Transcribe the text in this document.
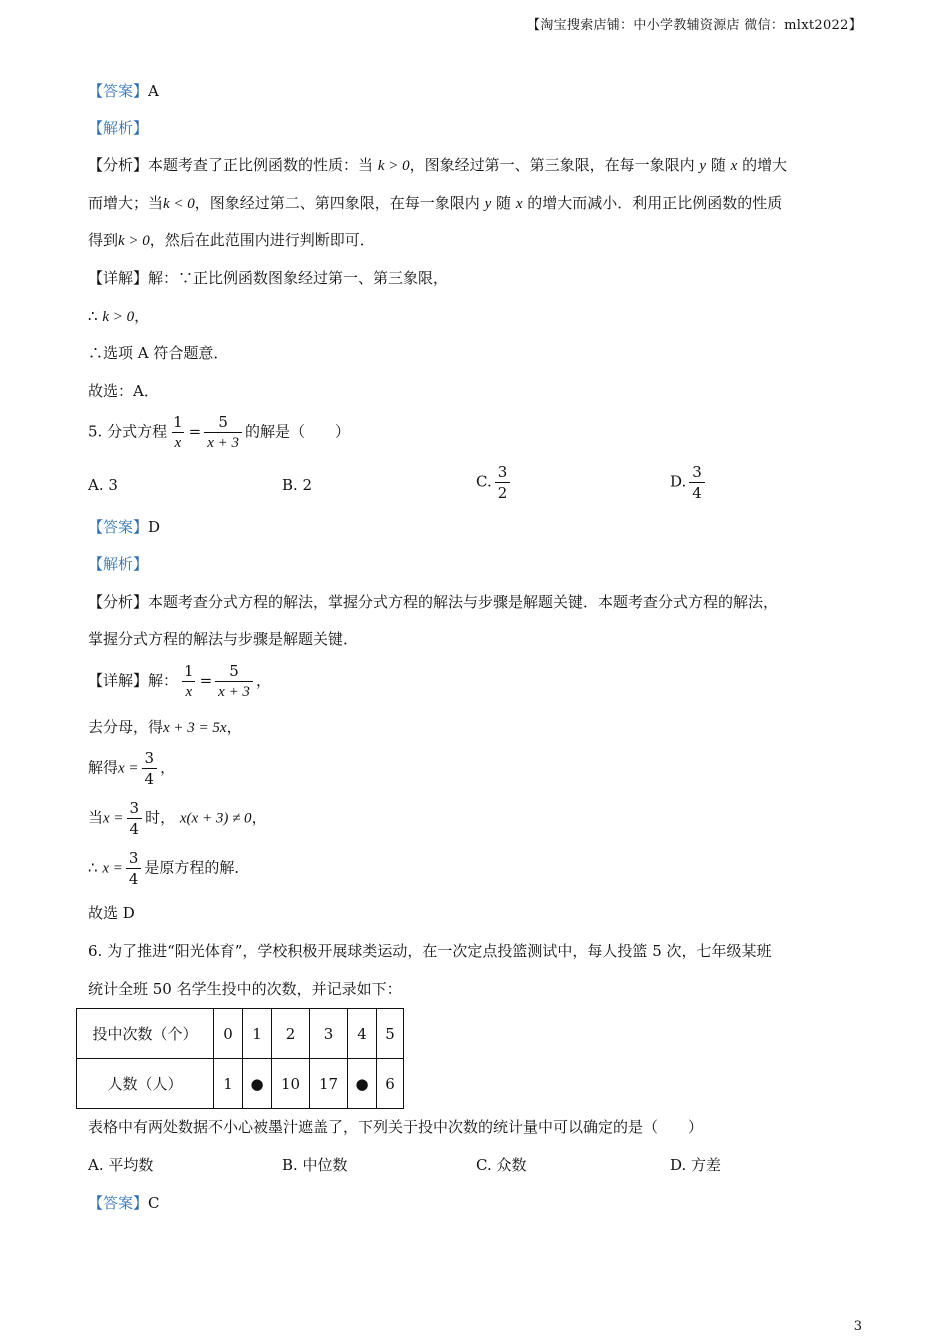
【淘宝搜索店铺：中小学教辅资源店 微信：mlxt2022】
【答案】A
【解析】
【分析】本题考查了正比例函数的性质：当 k > 0，图象经过第一、第三象限，在每一象限内 y 随 x 的增大
而增大；当k < 0，图象经过第二、第四象限，在每一象限内 y 随 x 的增大而减小．利用正比例函数的性质
得到k > 0，然后在此范围内进行判断即可．
【详解】解：∵正比例函数图象经过第一、第三象限，
∴ k > 0，
∴选项 A 符合题意．
故选：A．
5. 分式方程 $\frac{1}{x} = \frac{5}{x + 3}$ 的解是（　　）
A. 3	B. 2	C. $\frac{3}{2}$	D. $\frac{3}{4}$
【答案】D
【解析】
【分析】本题考查分式方程的解法，掌握分式方程的解法与步骤是解题关键．本题考查分式方程的解法，
掌握分式方程的解法与步骤是解题关键．
【详解】解： $\frac{1}{x} = \frac{5}{x + 3}$ ，
去分母，得x + 3 = 5x，
解得$x = \frac{3}{4}$ ，
当$x = \frac{3}{4}$ 时， x(x + 3) ≠ 0，
∴ $x = \frac{3}{4}$ 是原方程的解．
故选 D
6. 为了推进“阳光体育”，学校积极开展球类运动，在一次定点投篮测试中，每人投篮 5 次，七年级某班
统计全班 50 名学生投中的次数，并记录如下：
投中次数（个）	0	1	2	3	4	5
人数（人）	1	●	10	17	●	6
表格中有两处数据不小心被墨汁遮盖了，下列关于投中次数的统计量中可以确定的是（　　）
A. 平均数	B. 中位数	C. 众数	D. 方差
【答案】C
3
